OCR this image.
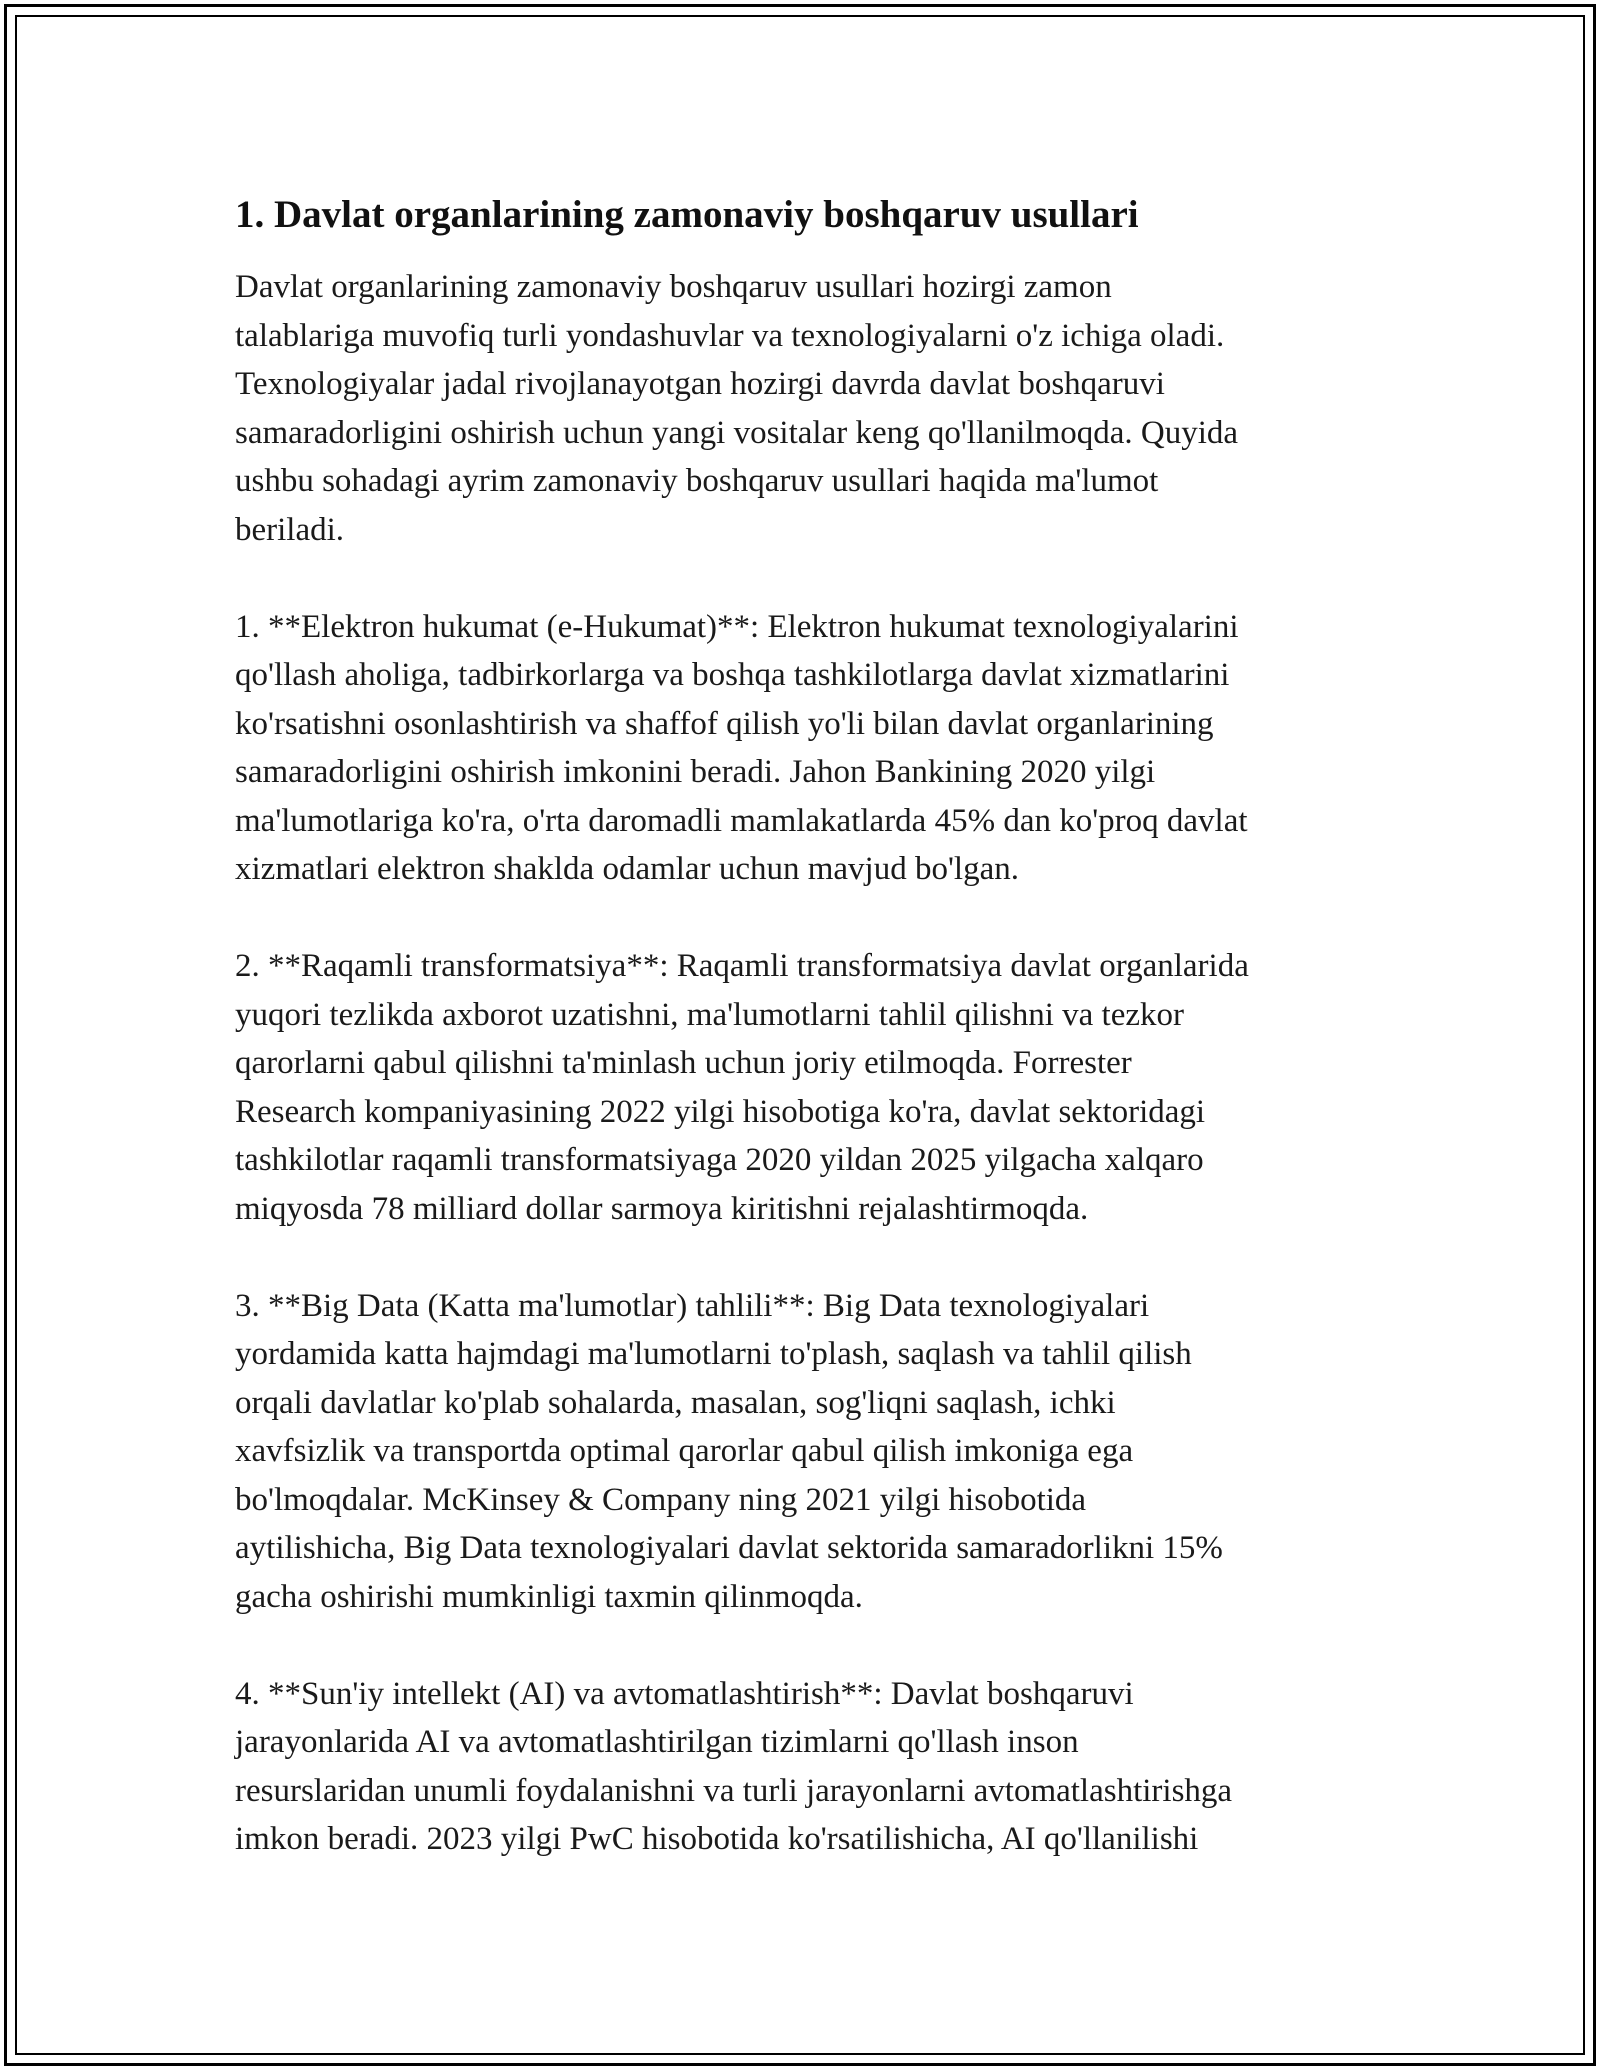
1. Davlat organlarining zamonaviy boshqaruv usullari

Davlat organlarining zamonaviy boshqaruv usullari hozirgi zamon
talablariga muvofiq turli yondashuvlar va texnologiyalarni o'z ichiga oladi.
Texnologiyalar jadal rivojlanayotgan hozirgi davrda davlat boshqaruvi
samaradorligini oshirish uchun yangi vositalar keng qo'llanilmoqda. Quyida
ushbu sohadagi ayrim zamonaviy boshqaruv usullari haqida ma'lumot
beriladi.

1. **Elektron hukumat (e-Hukumat)**: Elektron hukumat texnologiyalarini
qo'llash aholiga, tadbirkorlarga va boshqa tashkilotlarga davlat xizmatlarini
ko'rsatishni osonlashtirish va shaffof qilish yo'li bilan davlat organlarining
samaradorligini oshirish imkonini beradi. Jahon Bankining 2020 yilgi
ma'lumotlariga ko'ra, o'rta daromadli mamlakatlarda 45% dan ko'proq davlat
xizmatlari elektron shaklda odamlar uchun mavjud bo'lgan.

2. **Raqamli transformatsiya**: Raqamli transformatsiya davlat organlarida
yuqori tezlikda axborot uzatishni, ma'lumotlarni tahlil qilishni va tezkor
qarorlarni qabul qilishni ta'minlash uchun joriy etilmoqda. Forrester
Research kompaniyasining 2022 yilgi hisobotiga ko'ra, davlat sektoridagi
tashkilotlar raqamli transformatsiyaga 2020 yildan 2025 yilgacha xalqaro
miqyosda 78 milliard dollar sarmoya kiritishni rejalashtirmoqda.

3. **Big Data (Katta ma'lumotlar) tahlili**: Big Data texnologiyalari
yordamida katta hajmdagi ma'lumotlarni to'plash, saqlash va tahlil qilish
orqali davlatlar ko'plab sohalarda, masalan, sog'liqni saqlash, ichki
xavfsizlik va transportda optimal qarorlar qabul qilish imkoniga ega
bo'lmoqdalar. McKinsey & Company ning 2021 yilgi hisobotida
aytilishicha, Big Data texnologiyalari davlat sektorida samaradorlikni 15%
gacha oshirishi mumkinligi taxmin qilinmoqda.

4. **Sun'iy intellekt (AI) va avtomatlashtirish**: Davlat boshqaruvi
jarayonlarida AI va avtomatlashtirilgan tizimlarni qo'llash inson
resurslaridan unumli foydalanishni va turli jarayonlarni avtomatlashtirishga
imkon beradi. 2023 yilgi PwC hisobotida ko'rsatilishicha, AI qo'llanilishi
